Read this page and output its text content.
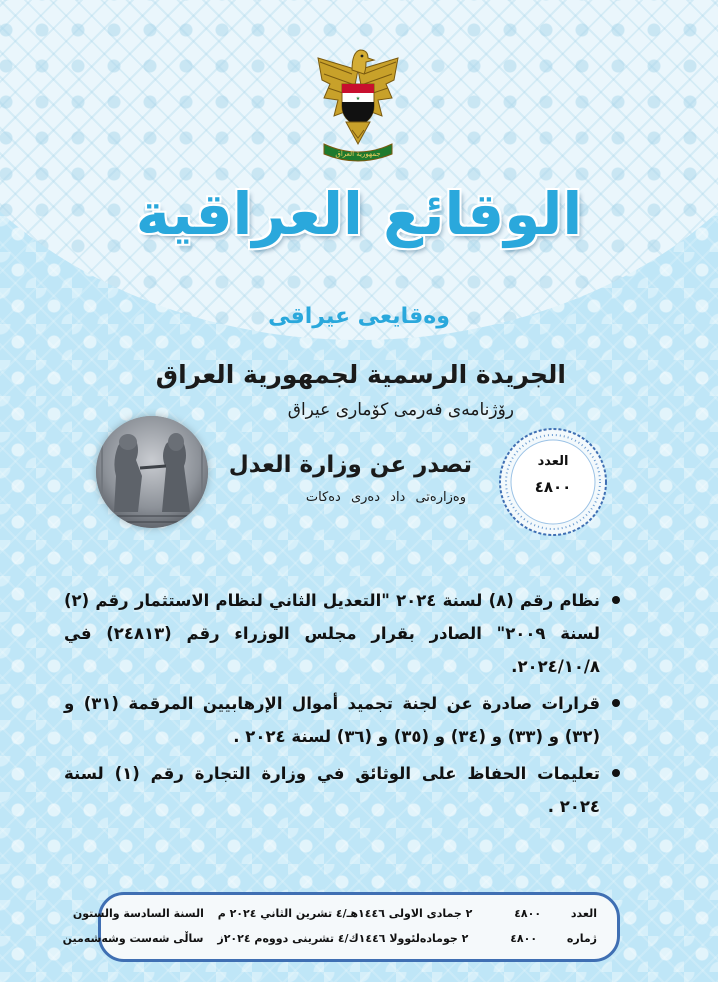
★
جمهورية العراق
الوقائع العراقية
وەقایعی عیراقی
الجريدة الرسمية لجمهورية العراق
رۆژنامەی فەرمی کۆماری عیراق
تصدر عن وزارة العدل
وەزارەتی داد دەری دەکات
العدد
٤٨٠٠
نظام رقم (٨) لسنة ٢٠٢٤ "التعديل الثاني لنظام الاستثمار رقم (٢) لسنة ٢٠٠٩" الصادر بقرار مجلس الوزراء رقم (٢٤٨١٣) في ٢٠٢٤/١٠/٨.
قرارات صادرة عن لجنة تجميد أموال الإرهابيين المرقمة (٣١) و (٣٢) و (٣٣) و (٣٤) و (٣٥) و (٣٦) لسنة ٢٠٢٤ .
تعليمات الحفاظ على الوثائق في وزارة التجارة رقم (١) لسنة ٢٠٢٤ .
العدد ٤٨٠٠ ٢ جمادى الاولى ١٤٤٦هـ/٤ تشرين الثاني ٢٠٢٤ م السنة السادسة والستون
ژمارە ٤٨٠٠ ٢ جومادەلئوولا ١٤٤٦ك/٤ تشرینی دووەم ٢٠٢٤ز ساڵی شەست وشەشەمین
